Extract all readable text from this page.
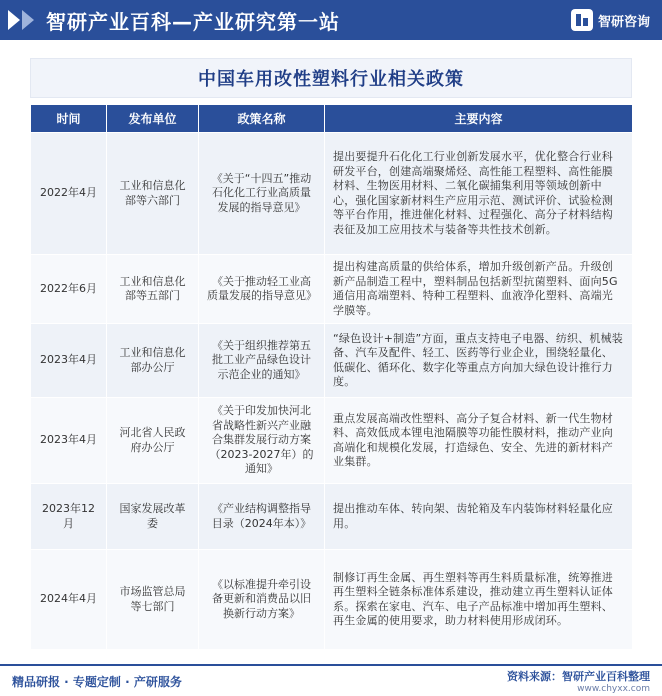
智研产业百科—产业研究第一站	智研咨询
中国车用改性塑料行业相关政策
时间	发布单位	政策名称	主要内容
2022年4月	工业和信息化部等六部门	《关于“十四五”推动石化化工行业高质量发展的指导意见》	提出要提升石化化工行业创新发展水平，优化整合行业科研发平台，创建高端聚烯烃、高性能工程塑料、高性能膜材料、生物医用材料、二氧化碳捕集利用等领域创新中心，强化国家新材料生产应用示范、测试评价、试验检测等平台作用，推进催化材料、过程强化、高分子材料结构表征及加工应用技术与装备等共性技术创新。
2022年6月	工业和信息化部等五部门	《关于推动轻工业高质量发展的指导意见》	提出构建高质量的供给体系，增加升级创新产品。升级创新产品制造工程中，塑料制品包括新型抗菌塑料、面向5G通信用高端塑料、特种工程塑料、血液净化塑料、高端光学膜等。
2023年4月	工业和信息化部办公厅	《关于组织推荐第五批工业产品绿色设计示范企业的通知》	“绿色设计+制造”方面，重点支持电子电器、纺织、机械装备、汽车及配件、轻工、医药等行业企业，围绕轻量化、低碳化、循环化、数字化等重点方向加大绿色设计推行力度。
2023年4月	河北省人民政府办公厅	《关于印发加快河北省战略性新兴产业融合集群发展行动方案（2023-2027年）的通知》	重点发展高端改性塑料、高分子复合材料、新一代生物材料、高效低成本锂电池隔膜等功能性膜材料，推动产业向高端化和规模化发展，打造绿色、安全、先进的新材料产业集群。
2023年12月	国家发展改革委	《产业结构调整指导目录（2024年本）》	提出推动车体、转向架、齿轮箱及车内装饰材料轻量化应用。
2024年4月	市场监管总局等七部门	《以标准提升牵引设备更新和消费品以旧换新行动方案》	制修订再生金属、再生塑料等再生料质量标准，统筹推进再生塑料全链条标准体系建设，推动建立再生塑料认证体系。探索在家电、汽车、电子产品标准中增加再生塑料、再生金属的使用要求，助力材料使用形成闭环。
精品研报 · 专题定制 · 产研服务	资料来源：智研产业百科整理
www.chyxx.com
